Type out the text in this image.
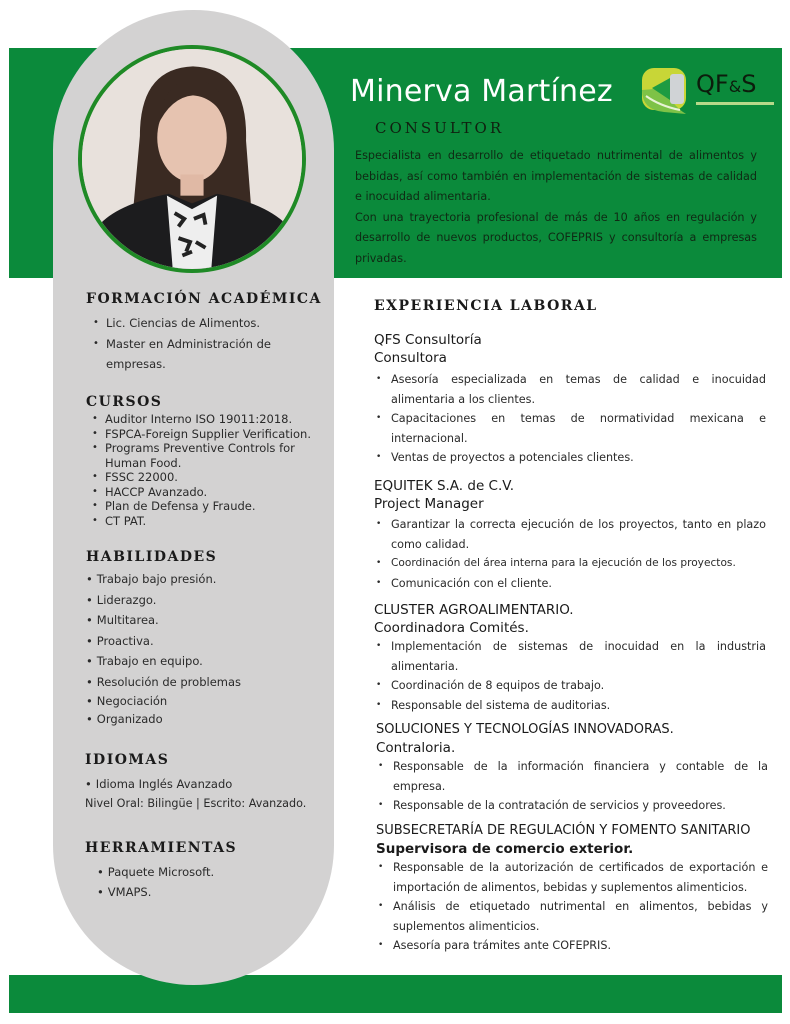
Minerva Martínez
CONSULTOR
QF&S

Especialista en desarrollo de etiquetado nutrimental de alimentos y bebidas, así como también en implementación de sistemas de calidad e inocuidad alimentaria.

Con una trayectoria profesional de más de 10 años en regulación y desarrollo de nuevos productos, COFEPRIS y consultoría a empresas privadas.

FORMACIÓN ACADÉMICA
• Lic. Ciencias de Alimentos.
• Master en Administración de empresas.
CURSOS
• Auditor Interno ISO 19011:2018.
• FSPCA-Foreign Supplier Verification.
• Programs Preventive Controls for Human Food.
• FSSC 22000.
• HACCP Avanzado.
• Plan de Defensa y Fraude.
• CT PAT.
HABILIDADES
• Trabajo bajo presión.
• Liderazgo.
• Multitarea.
• Proactiva.
• Trabajo en equipo.
• Resolución de problemas
• Negociación
• Organizado
IDIOMAS
• Idioma Inglés Avanzado
Nivel Oral: Bilingüe | Escrito: Avanzado.
HERRAMIENTAS
• Paquete Microsoft.
• VMAPS.
EXPERIENCIA LABORAL

QFS Consultoría

Consultora

• Asesoría especializada en temas de calidad e inocuidad alimentaria a los clientes.
• Capacitaciones en temas de normatividad mexicana e internacional.
• Ventas de proyectos a potenciales clientes.

EQUITEK S.A. de C.V.

Project Manager

• Garantizar la correcta ejecución de los proyectos, tanto en plazo como calidad.
• Coordinación del área interna para la ejecución de los proyectos.
• Comunicación con el cliente.

CLUSTER AGROALIMENTARIO.

Coordinadora Comités.

• Implementación de sistemas de inocuidad en la industria alimentaria.
• Coordinación de 8 equipos de trabajo.
• Responsable del sistema de auditorias.

SOLUCIONES Y TECNOLOGÍAS INNOVADORAS.

Contraloria.

• Responsable de la información financiera y contable de la empresa.
• Responsable de la contratación de servicios y proveedores.

SUBSECRETARÍA DE REGULACIÓN Y FOMENTO SANITARIO

Supervisora de comercio exterior.

• Responsable de la autorización de certificados de exportación e importación de alimentos, bebidas y suplementos alimenticios.
• Análisis de etiquetado nutrimental en alimentos, bebidas y suplementos alimenticios.
• Asesoría para trámites ante COFEPRIS.
